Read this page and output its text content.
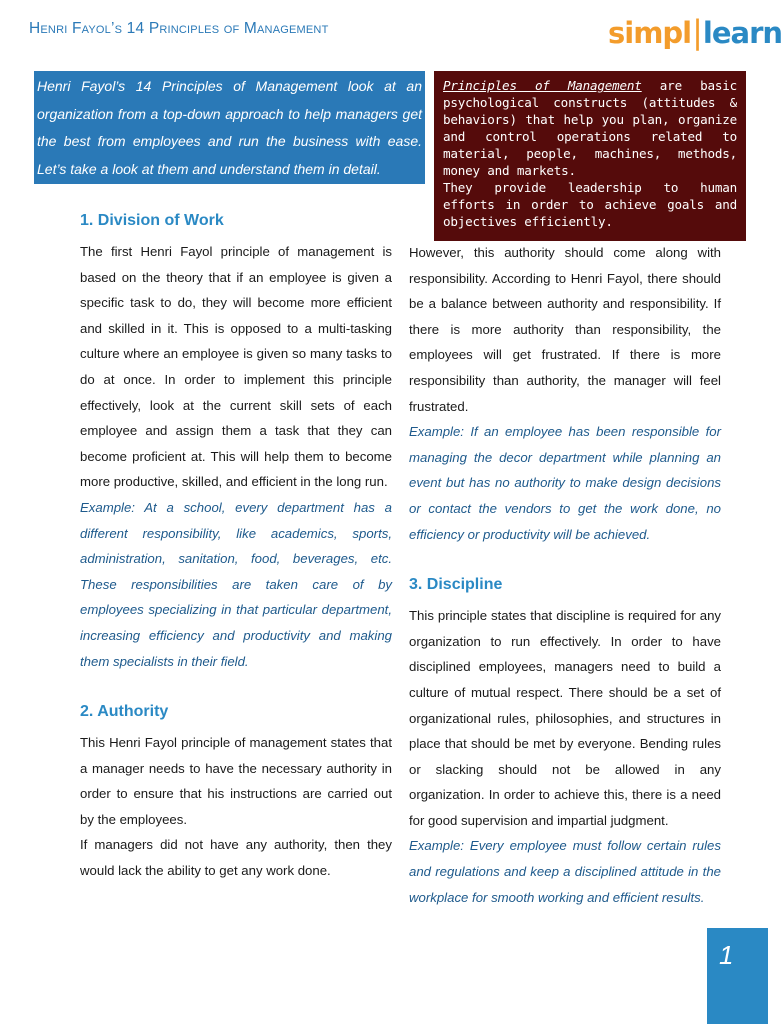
Henri Fayol’s 14 Principles of Management	simpl|learn

Henri Fayol’s 14 Principles of Management look at an organization from a top-down approach to help managers get the best from employees and run the business with ease. Let’s take a look at them and understand them in detail.

Principles of Management are basic psychological constructs (attitudes & behaviors) that help you plan, organize and control operations related to material, people, machines, methods, money and markets.

They provide leadership to human efforts in order to achieve goals and objectives efficiently.

1. Division of Work

The first Henri Fayol principle of management is based on the theory that if an employee is given a specific task to do, they will become more efficient and skilled in it. This is opposed to a multi-tasking culture where an employee is given so many tasks to do at once. In order to implement this principle effectively, look at the current skill sets of each employee and assign them a task that they can become proficient at. This will help them to become more productive, skilled, and efficient in the long run.

Example: At a school, every department has a different responsibility, like academics, sports, administration, sanitation, food, beverages, etc. These responsibilities are taken care of by employees specializing in that particular department, increasing efficiency and productivity and making them specialists in their field.

2. Authority

This Henri Fayol principle of management states that a manager needs to have the necessary authority in order to ensure that his instructions are carried out by the employees.

If managers did not have any authority, then they would lack the ability to get any work done.

However, this authority should come along with responsibility. According to Henri Fayol, there should be a balance between authority and responsibility. If there is more authority than responsibility, the employees will get frustrated. If there is more responsibility than authority, the manager will feel frustrated.

Example: If an employee has been responsible for managing the decor department while planning an event but has no authority to make design decisions or contact the vendors to get the work done, no efficiency or productivity will be achieved.

3. Discipline

This principle states that discipline is required for any organization to run effectively. In order to have disciplined employees, managers need to build a culture of mutual respect. There should be a set of organizational rules, philosophies, and structures in place that should be met by everyone. Bending rules or slacking should not be allowed in any organization. In order to achieve this, there is a need for good supervision and impartial judgment.

Example: Every employee must follow certain rules and regulations and keep a disciplined attitude in the workplace for smooth working and efficient results.

1
